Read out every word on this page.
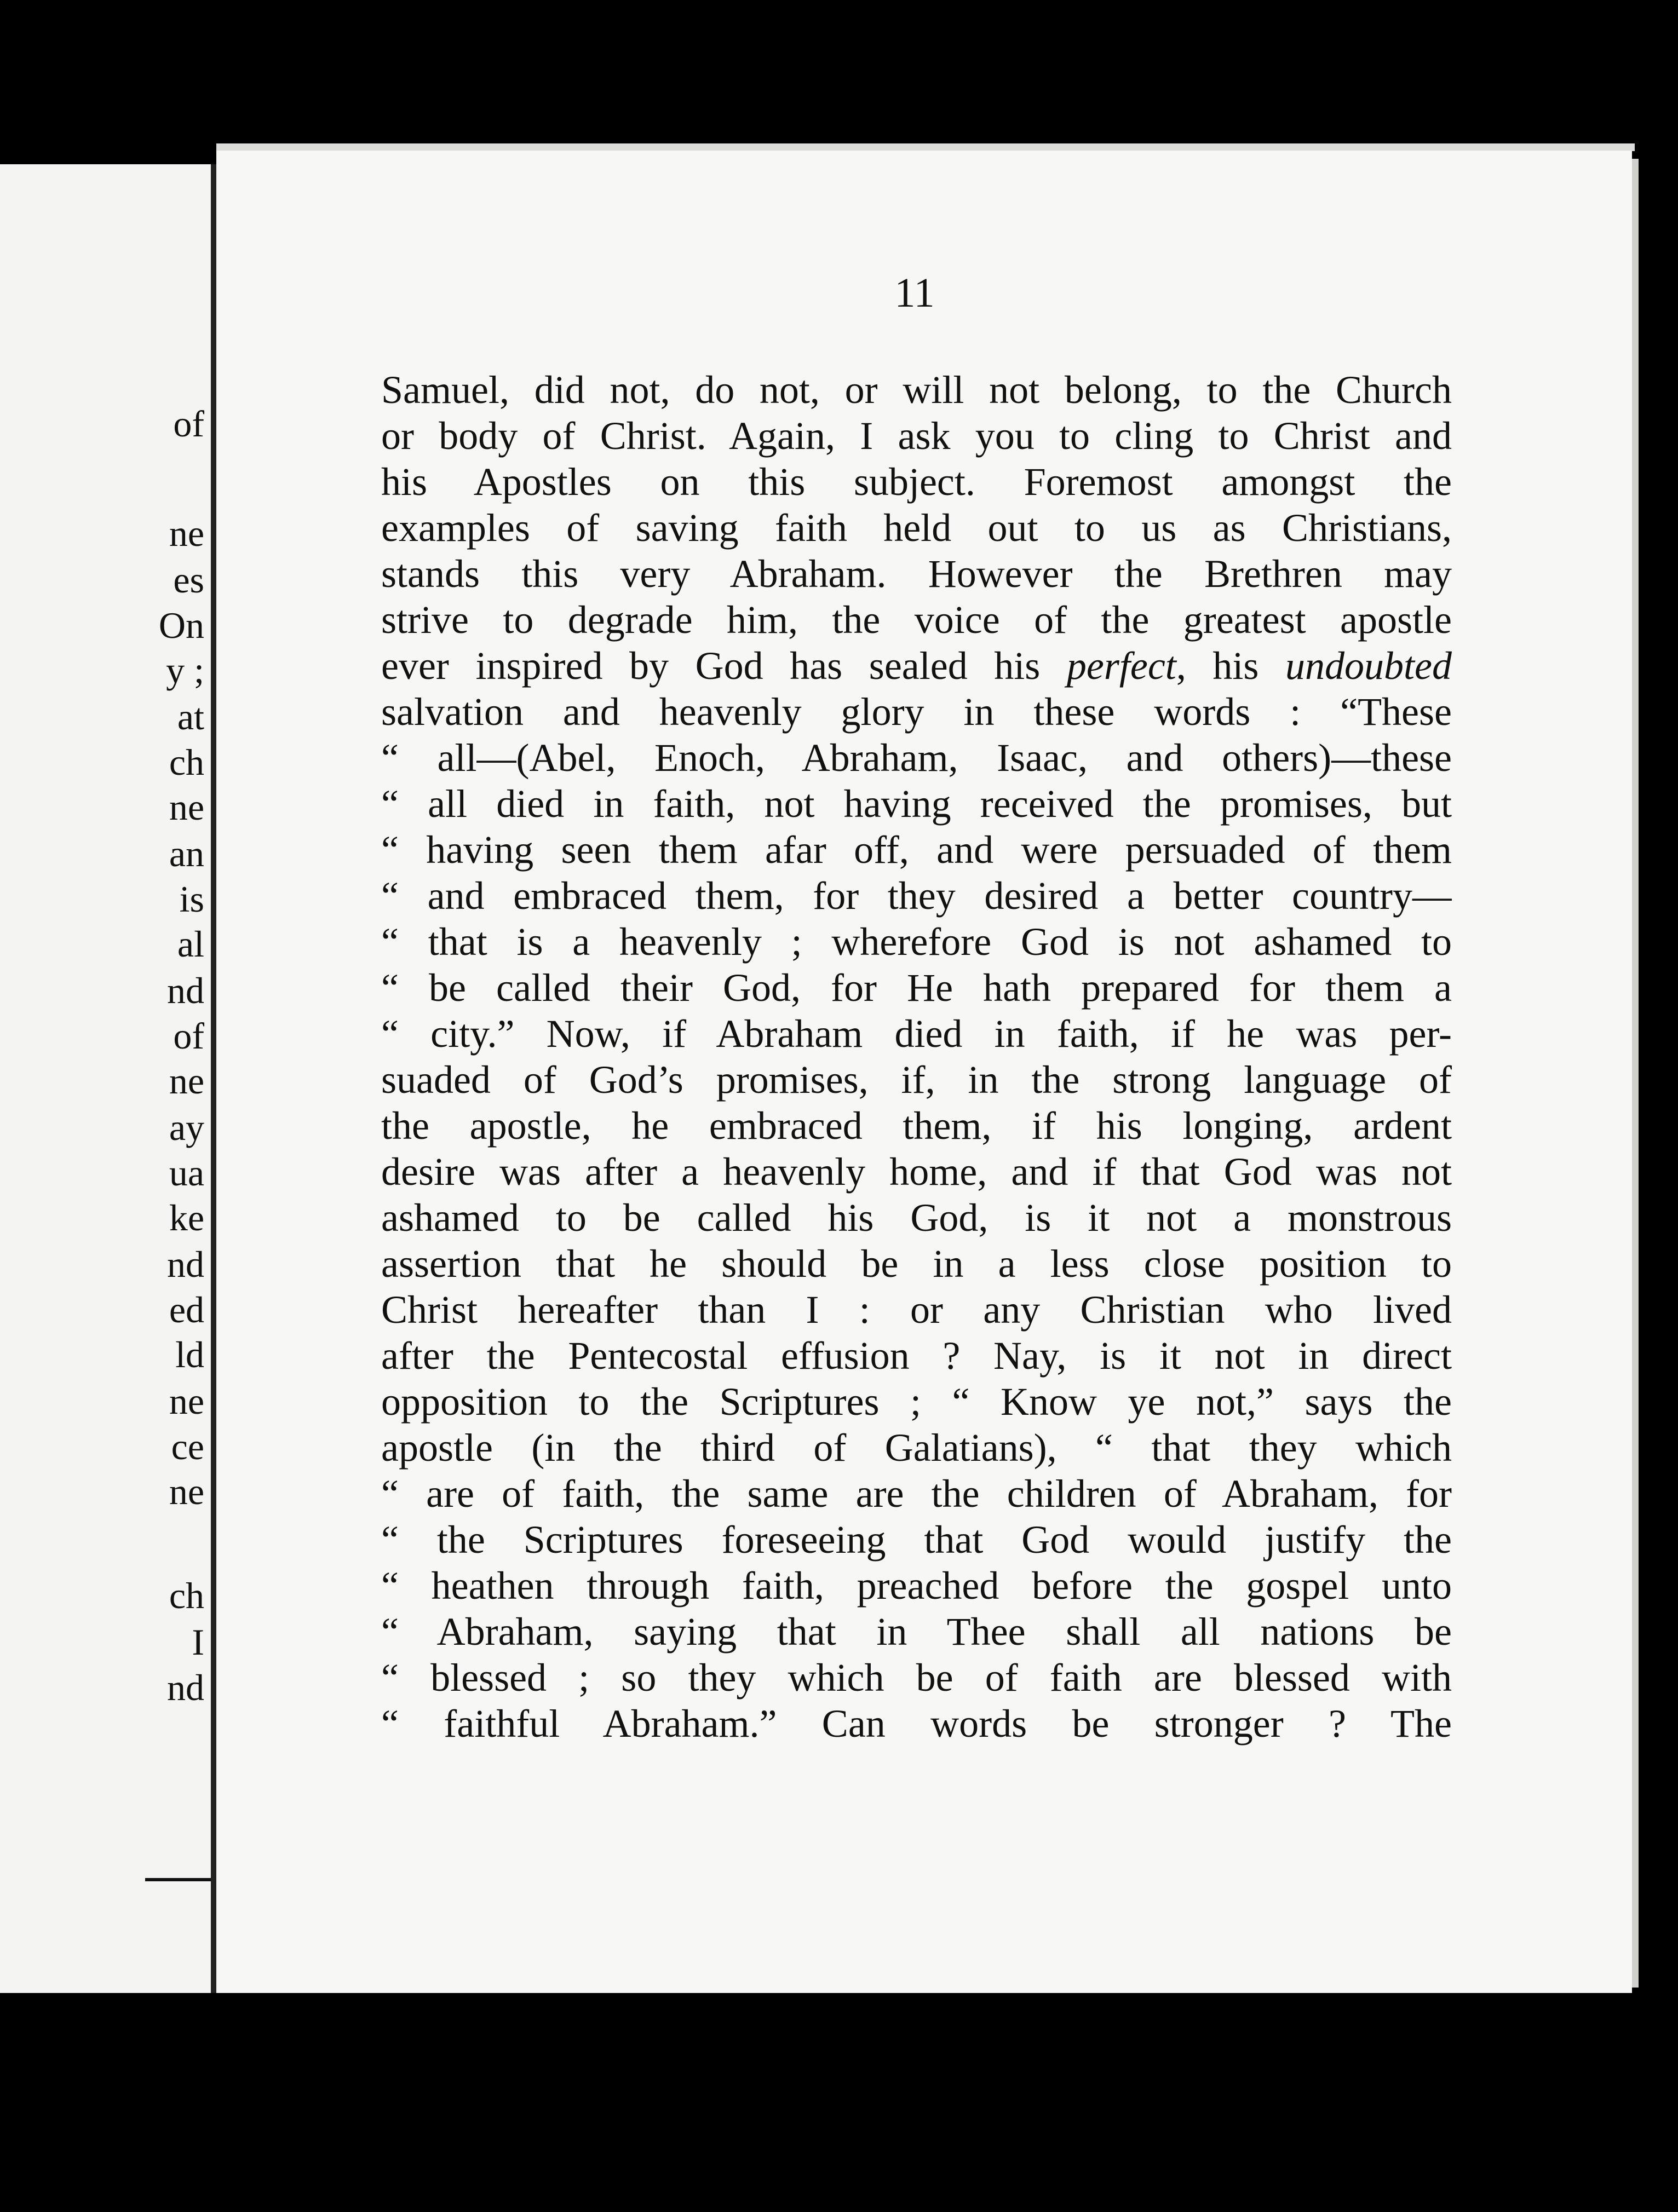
of
ne
es
On
y ;
at
ch
ne
an
is
al
nd
of
ne
ay
ua
ke
nd
ed
ld
ne
ce
ne
ch
I
nd
11
Samuel, did not, do not, or will not belong, to the Church
or body of Christ. Again, I ask you to cling to Christ and
his Apostles on this subject. Foremost amongst the
examples of saving faith held out to us as Christians,
stands this very Abraham. However the Brethren may
strive to degrade him, the voice of the greatest apostle
ever inspired by God has sealed his perfect, his undoubted
salvation and heavenly glory in these words : “These
“ all—(Abel, Enoch, Abraham, Isaac, and others)—these
“ all died in faith, not having received the promises, but
“ having seen them afar off, and were persuaded of them
“ and embraced them, for they desired a better country—
“ that is a heavenly ; wherefore God is not ashamed to
“ be called their God, for He hath prepared for them a
“ city.” Now, if Abraham died in faith, if he was per-
suaded of God’s promises, if, in the strong language of
the apostle, he embraced them, if his longing, ardent
desire was after a heavenly home, and if that God was not
ashamed to be called his God, is it not a monstrous
assertion that he should be in a less close position to
Christ hereafter than I : or any Christian who lived
after the Pentecostal effusion ? Nay, is it not in direct
opposition to the Scriptures ; “ Know ye not,” says the
apostle (in the third of Galatians), “ that they which
“ are of faith, the same are the children of Abraham, for
“ the Scriptures foreseeing that God would justify the
“ heathen through faith, preached before the gospel unto
“ Abraham, saying that in Thee shall all nations be
“ blessed ; so they which be of faith are blessed with
“ faithful Abraham.” Can words be stronger ? The
